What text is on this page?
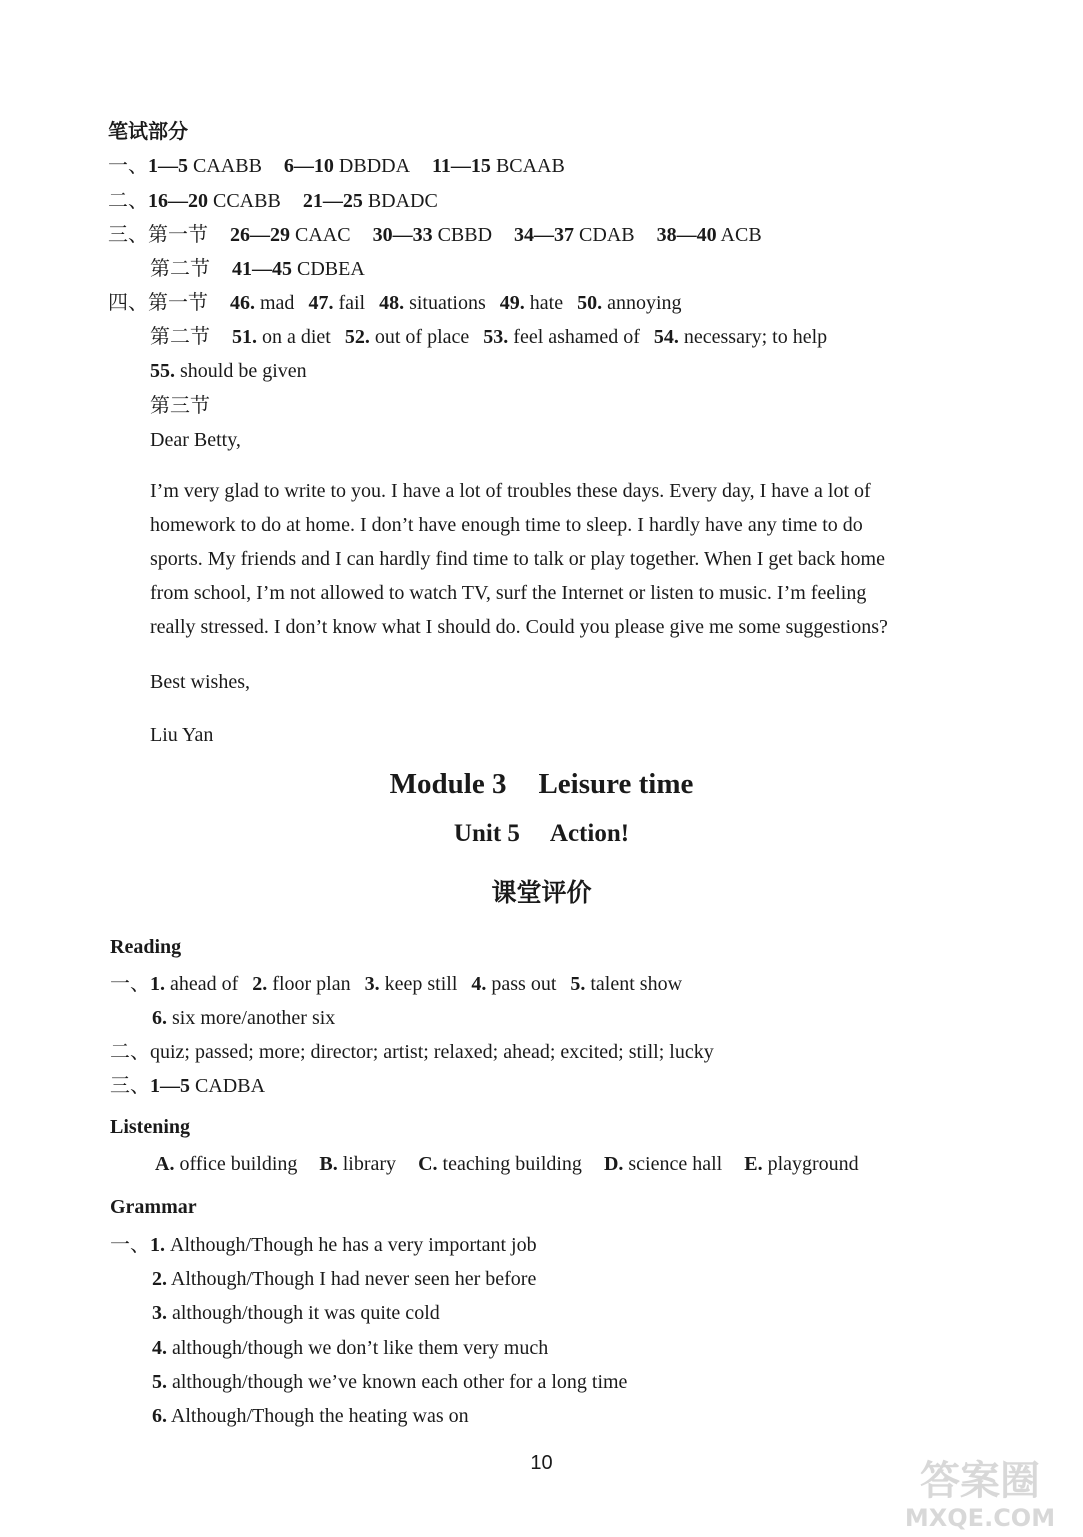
笔试部分
一、1—5 CAABB 6—10 DBDDA 11—15 BCAAB
二、16—20 CCABB 21—25 BDADC
三、第一节 26—29 CAAC 30—33 CBBD 34—37 CDAB 38—40 ACB
第二节 41—45 CDBEA
四、第一节 46. mad 47. fail 48. situations 49. hate 50. annoying
第二节 51. on a diet 52. out of place 53. feel ashamed of 54. necessary; to help
55. should be given
第三节
Dear Betty,
I’m very glad to write to you. I have a lot of troubles these days. Every day, I have a lot of
homework to do at home. I don’t have enough time to sleep. I hardly have any time to do
sports. My friends and I can hardly find time to talk or play together. When I get back home
from school, I’m not allowed to watch TV, surf the Internet or listen to music. I’m feeling
really stressed. I don’t know what I should do. Could you please give me some suggestions?
Best wishes,
Liu Yan
Module 3 Leisure time
Unit 5 Action!
课堂评价
Reading
一、1. ahead of 2. floor plan 3. keep still 4. pass out 5. talent show
6. six more/another six
二、quiz; passed; more; director; artist; relaxed; ahead; excited; still; lucky
三、1—5 CADBA
Listening
A. office building B. library C. teaching building D. science hall E. playground
Grammar
一、1. Although/Though he has a very important job
2. Although/Though I had never seen her before
3. although/though it was quite cold
4. although/though we don’t like them very much
5. although/though we’ve known each other for a long time
6. Although/Though the heating was on
10	答案圈
MXQE.COM
